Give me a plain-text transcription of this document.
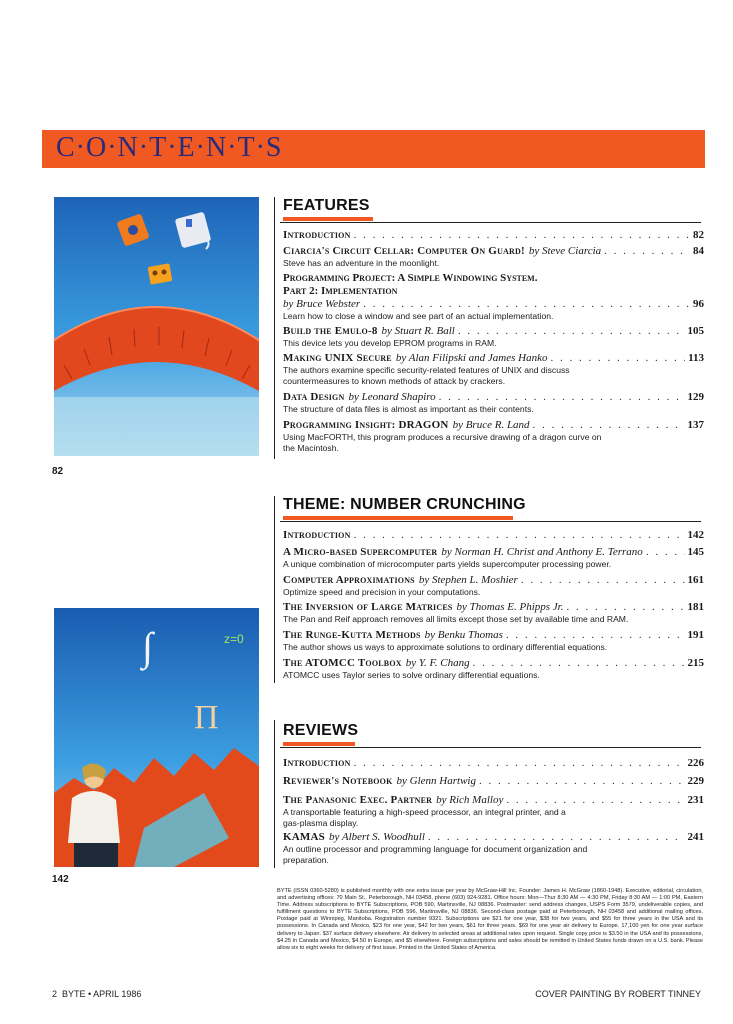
C·O·N·T·E·N·T·S
82
∫
Π
z=0
142
FEATURES
Introduction . . .	82
Ciarcia's Circuit Cellar: Computer On Guard! by Steve Ciarcia . . .	84
Steve has an adventure in the moonlight.
Programming Project: A Simple Windowing System.
Part 2: Implementation
by Bruce Webster . . .	96
Learn how to close a window and see part of an actual implementation.
Build the Emulo-8 by Stuart R. Ball . . .	105
This device lets you develop EPROM programs in RAM.
Making UNIX Secure by Alan Filipski and James Hanko . . .	113
The authors examine specific security-related features of UNIX and discuss countermeasures to known methods of attack by crackers.
Data Design by Leonard Shapiro . . .	129
The structure of data files is almost as important as their contents.
Programming Insight: DRAGON by Bruce R. Land . . .	137
Using MacFORTH, this program produces a recursive drawing of a dragon curve on the Macintosh.
THEME: NUMBER CRUNCHING
Introduction . . .	142
A Micro-based Supercomputer by Norman H. Christ and Anthony E. Terrano . . .	145
A unique combination of microcomputer parts yields supercomputer processing power.
Computer Approximations by Stephen L. Moshier . . .	161
Optimize speed and precision in your computations.
The Inversion of Large Matrices by Thomas E. Phipps Jr. . . .	181
The Pan and Reif approach removes all limits except those set by available time and RAM.
The Runge-Kutta Methods by Benku Thomas . . .	191
The author shows us ways to approximate solutions to ordinary differential equations.
The ATOMCC Toolbox by Y. F. Chang . . .	215
ATOMCC uses Taylor series to solve ordinary differential equations.
REVIEWS
Introduction . . .	226
Reviewer's Notebook by Glenn Hartwig . . .	229
The Panasonic Exec. Partner by Rich Malloy . . .	231
A transportable featuring a high-speed processor, an integral printer, and a gas-plasma display.
KAMAS by Albert S. Woodhull . . .	241
An outline processor and programming language for document organization and preparation.
BYTE (ISSN 0360-5280) is published monthly with one extra issue per year by McGraw-Hill Inc. Founder: James H. McGraw (1860-1948). Executive, editorial, circulation, and advertising offices: 70 Main St., Peterborough, NH 03458, phone (603) 924-9281. Office hours: Mon—Thur 8:30 AM — 4:30 PM, Friday 8:30 AM — 1:00 PM, Eastern Time. Address subscriptions to BYTE Subscriptions, POB 590, Martinsville, NJ 08836. Postmaster: send address changes, USPS Form 3579, undeliverable copies, and fulfillment questions to BYTE Subscriptions, POB 596, Martinsville, NJ 08836. Second-class postage paid at Peterborough, NH 03458 and additional mailing offices. Postage paid at Winnipeg, Manitoba. Registration number 9321. Subscriptions are $21 for one year, $38 for two years, and $55 for three years in the USA and its possessions. In Canada and Mexico, $23 for one year, $42 for two years, $61 for three years. $69 for one year air delivery to Europe. 17,100 yen for one year surface delivery to Japan. $37 surface delivery elsewhere. Air delivery to selected areas at additional rates upon request. Single copy price is $3.50 in the USA and its possessions, $4.25 in Canada and Mexico, $4.50 in Europe, and $5 elsewhere. Foreign subscriptions and sales should be remitted in United States funds drawn on a U.S. bank. Please allow six to eight weeks for delivery of first issue. Printed in the United States of America.
2  BYTE • APRIL 1986	COVER PAINTING BY ROBERT TINNEY
